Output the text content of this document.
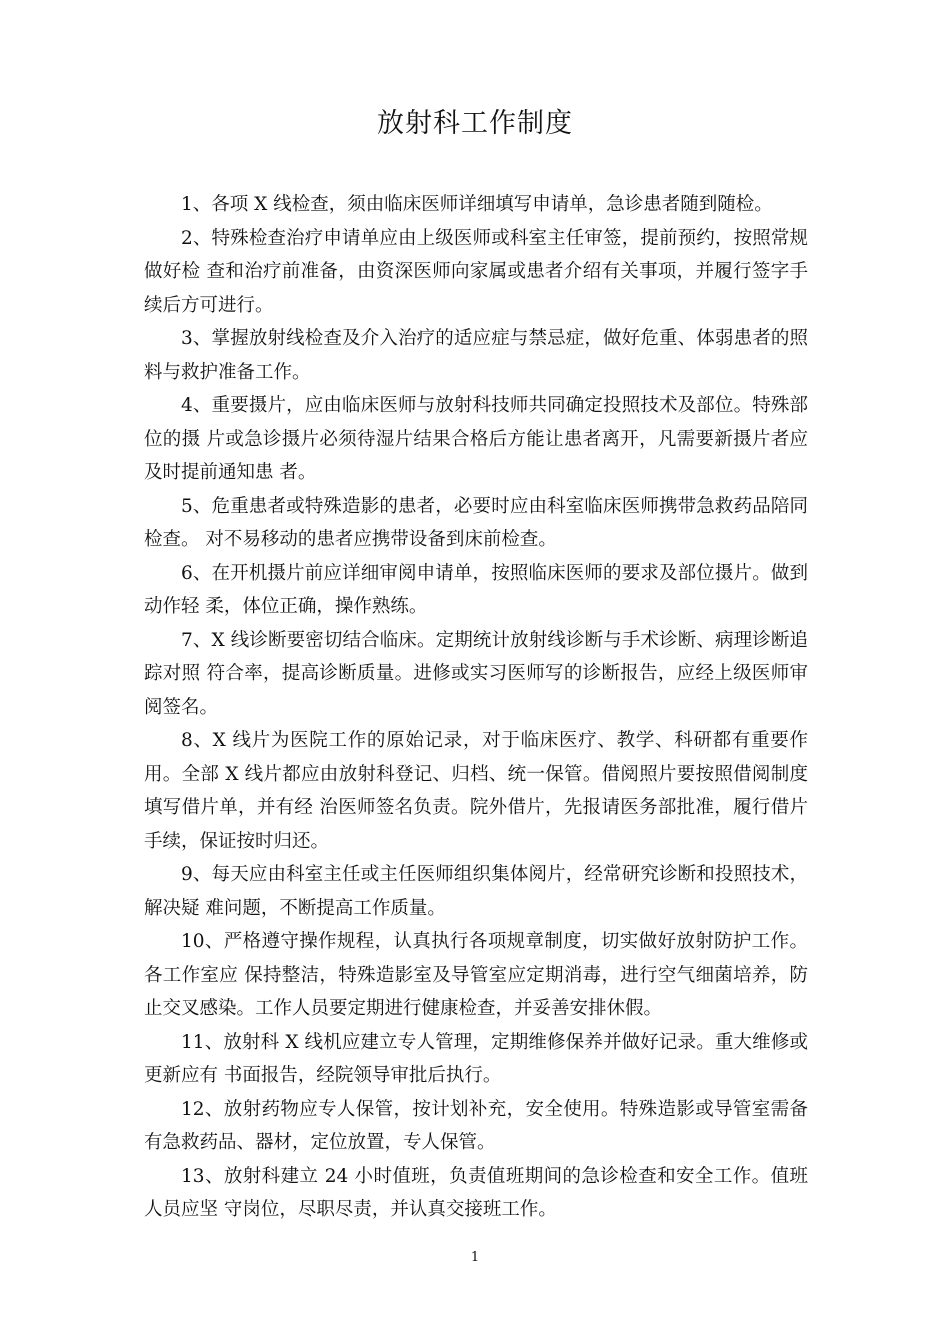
放射科工作制度

1、各项 X 线检查，须由临床医师详细填写申请单，急诊患者随到随检。

2、特殊检查治疗申请单应由上级医师或科室主任审签，提前预约，按照常规做好检 查和治疗前准备，由资深医师向家属或患者介绍有关事项，并履行签字手续后方可进行。

3、掌握放射线检查及介入治疗的适应症与禁忌症，做好危重、体弱患者的照料与救护准备工作。

4、重要摄片，应由临床医师与放射科技师共同确定投照技术及部位。特殊部位的摄 片或急诊摄片必须待湿片结果合格后方能让患者离开，凡需要新摄片者应及时提前通知患 者。

5、危重患者或特殊造影的患者，必要时应由科室临床医师携带急救药品陪同检查。 对不易移动的患者应携带设备到床前检查。

6、在开机摄片前应详细审阅申请单，按照临床医师的要求及部位摄片。做到动作轻 柔，体位正确，操作熟练。

7、X 线诊断要密切结合临床。定期统计放射线诊断与手术诊断、病理诊断追踪对照 符合率，提高诊断质量。进修或实习医师写的诊断报告，应经上级医师审阅签名。

8、X 线片为医院工作的原始记录，对于临床医疗、教学、科研都有重要作用。全部 X 线片都应由放射科登记、归档、统一保管。借阅照片要按照借阅制度填写借片单，并有经 治医师签名负责。院外借片，先报请医务部批准，履行借片手续，保证按时归还。

9、每天应由科室主任或主任医师组织集体阅片，经常研究诊断和投照技术，解决疑 难问题，不断提高工作质量。

10、严格遵守操作规程，认真执行各项规章制度，切实做好放射防护工作。各工作室应 保持整洁，特殊造影室及导管室应定期消毒，进行空气细菌培养，防止交叉感染。工作人员要定期进行健康检查，并妥善安排休假。

11、放射科 X 线机应建立专人管理，定期维修保养并做好记录。重大维修或更新应有 书面报告，经院领导审批后执行。

12、放射药物应专人保管，按计划补充，安全使用。特殊造影或导管室需备有急救药品、器材，定位放置，专人保管。

13、放射科建立 24 小时值班，负责值班期间的急诊检查和安全工作。值班人员应坚 守岗位，尽职尽责，并认真交接班工作。

1
